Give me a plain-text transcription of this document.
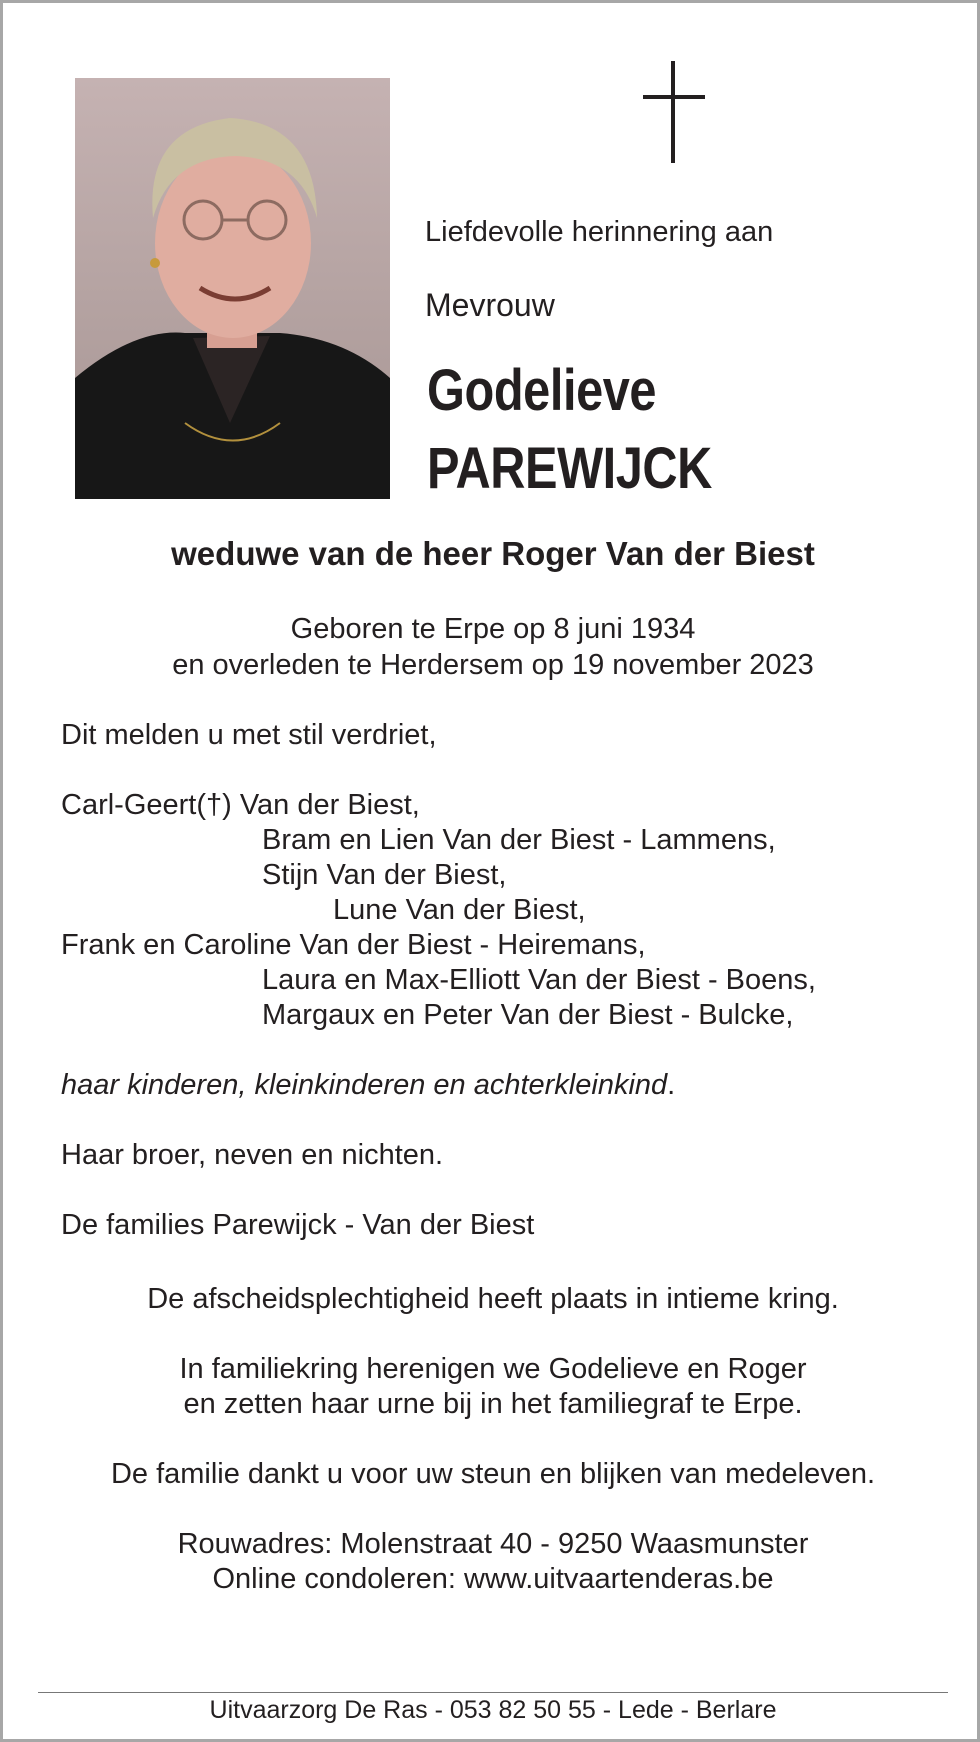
Liefdevolle herinnering aan
Mevrouw
Godelieve
PAREWIJCK
weduwe van de heer Roger Van der Biest
Geboren te Erpe op 8 juni 1934
en overleden te Herdersem op 19 november 2023
Dit melden u met stil verdriet,
Carl-Geert(†) Van der Biest,
Bram en Lien Van der Biest - Lammens,
Stijn Van der Biest,
Lune Van der Biest,
Frank en Caroline Van der Biest - Heiremans,
Laura en Max-Elliott Van der Biest - Boens,
Margaux en Peter Van der Biest - Bulcke,
haar kinderen, kleinkinderen en achterkleinkind.
Haar broer, neven en nichten.
De families Parewijck - Van der Biest
De afscheidsplechtigheid heeft plaats in intieme kring.
In familiekring herenigen we Godelieve en Roger
en zetten haar urne bij in het familiegraf te Erpe.
De familie dankt u voor uw steun en blijken van medeleven.
Rouwadres: Molenstraat 40 - 9250 Waasmunster
Online condoleren: www.uitvaartenderas.be
Uitvaarzorg De Ras - 053 82 50 55 - Lede - Berlare
